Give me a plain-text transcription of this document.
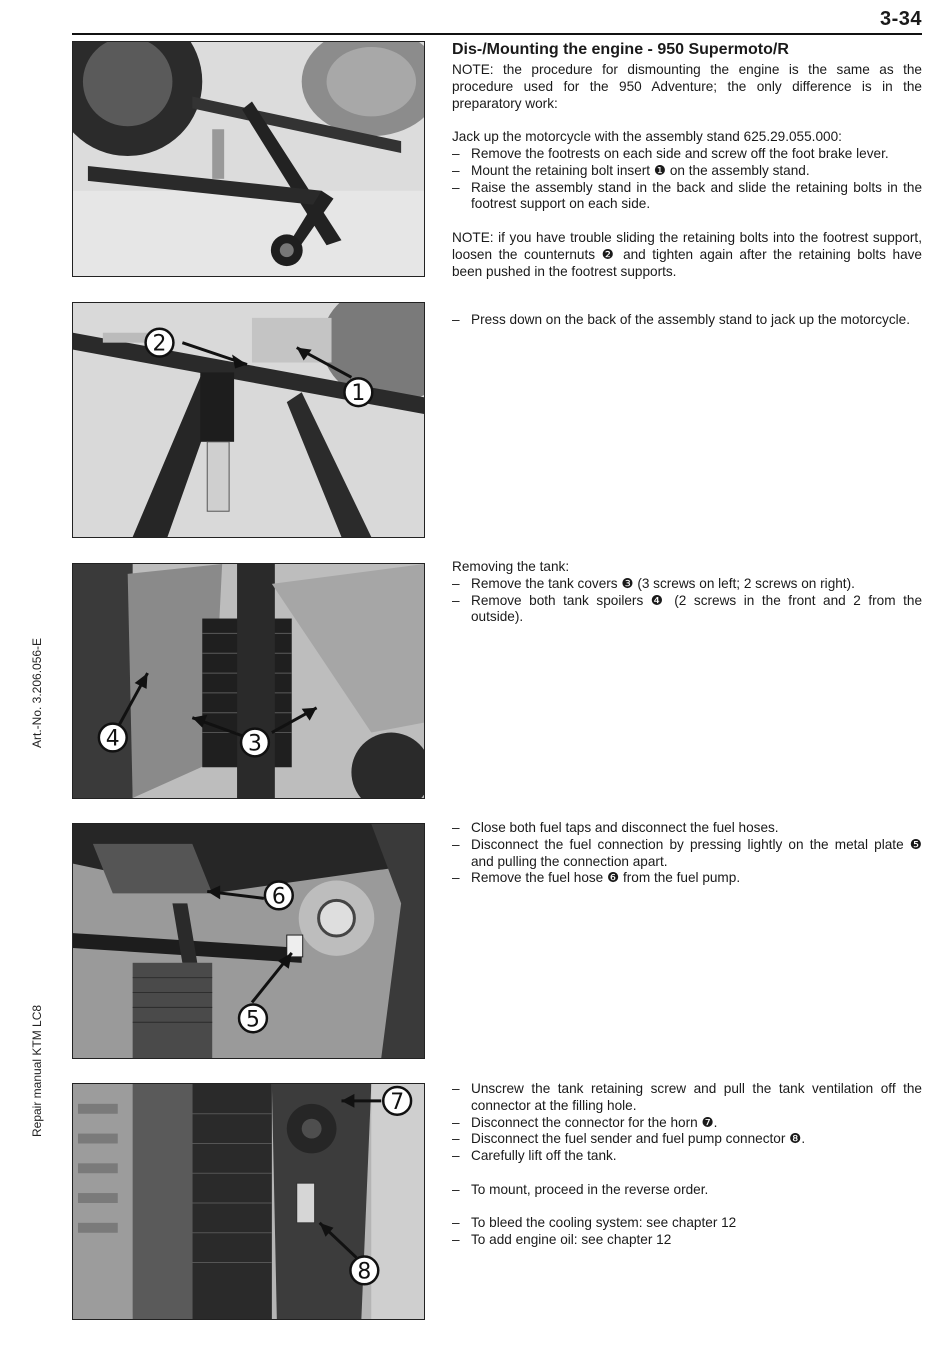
3-34
Art.-No. 3.206.056-E
Repair manual KTM LC8
2
1
4	3
6
5
7
8
Dis-/Mounting the engine - 950 Supermoto/R

NOTE: the procedure for dismounting the engine is the same as the procedure used for the 950 Adventure; the only difference is in the preparatory work:

Jack up the motorcycle with the assembly stand 625.29.055.000:

– Remove the footrests on each side and screw off the foot brake lever.
– Mount the retaining bolt insert ❶ on the assembly stand.
– Raise the assembly stand in the back and slide the retaining bolts in the footrest support on each side.

NOTE: if you have trouble sliding the retaining bolts into the footrest support, loosen the counternuts ❷ and tighten again after the retaining bolts have been pushed in the footrest supports.

– Press down on the back of the assembly stand to jack up the motorcycle.

Removing the tank:

– Remove the tank covers ❸ (3 screws on left; 2 screws on right).
– Remove both tank spoilers ❹ (2 screws in the front and 2 from the outside).
– Close both fuel taps and disconnect the fuel hoses.
– Disconnect the fuel connection by pressing lightly on the metal plate ❺ and pulling the connection apart.
– Remove the fuel hose ❻ from the fuel pump.
– Unscrew the tank retaining screw and pull the tank ventilation off the connector at the filling hole.
– Disconnect the connector for the horn ❼.
– Disconnect the fuel sender and fuel pump connector ❽.
– Carefully lift off the tank.
– To mount, proceed in the reverse order.
– To bleed the cooling system: see chapter 12
– To add engine oil: see chapter 12
